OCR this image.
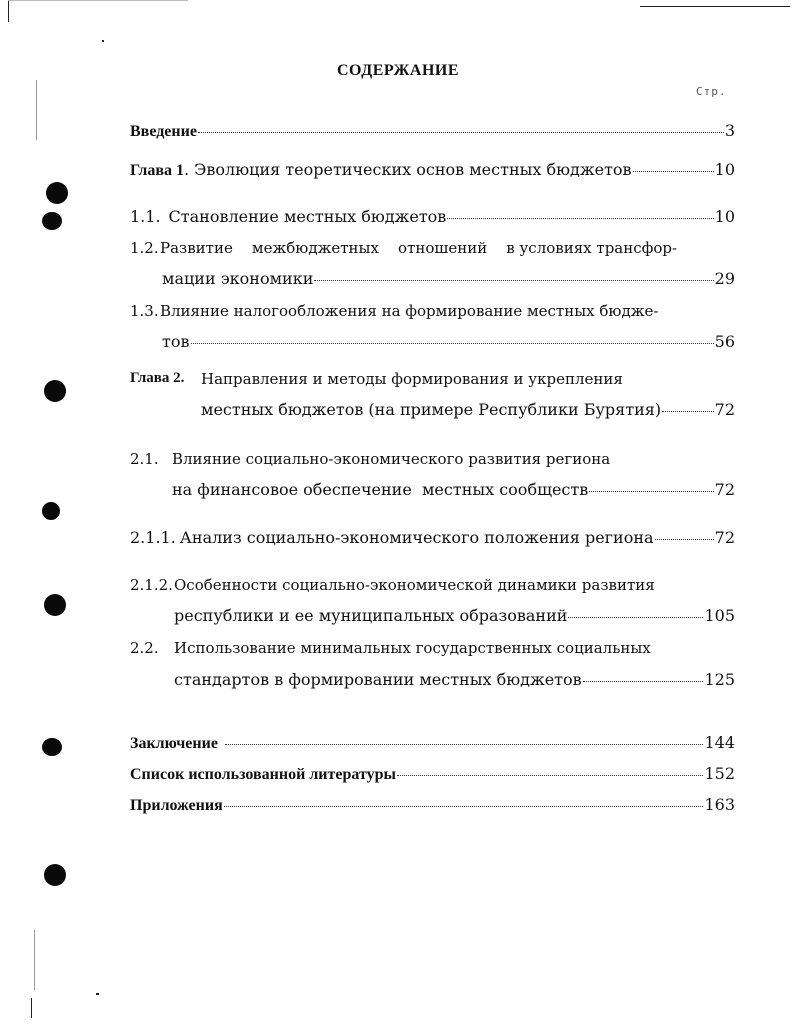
СОДЕРЖАНИЕ
Стр.
Введение	3
Глава 1 . Эволюция теоретических основ местных бюджетов	10
1.1. Становление местных бюджетов	10
1.2. Развитие    межбюджетных    отношений    в условиях трансфор-
мации экономики	29
1.3. Влияние налогообложения на формирование местных бюдже-
тов	56
Глава 2. Направления и методы формирования и укрепления
местных бюджетов (на примере Республики Бурятия)	72
2.1. Влияние социально-экономического развития региона
на финансовое обеспечение  местных сообществ	72
2.1.1. Анализ социально-экономического положения региона	72
2.1.2. Особенности социально-экономической динамики развития
республики и ее муниципальных образований	105
2.2. Использование минимальных государственных социальных
стандартов в формировании местных бюджетов	125
Заключение	144
Список использованной литературы	152
Приложения	163
